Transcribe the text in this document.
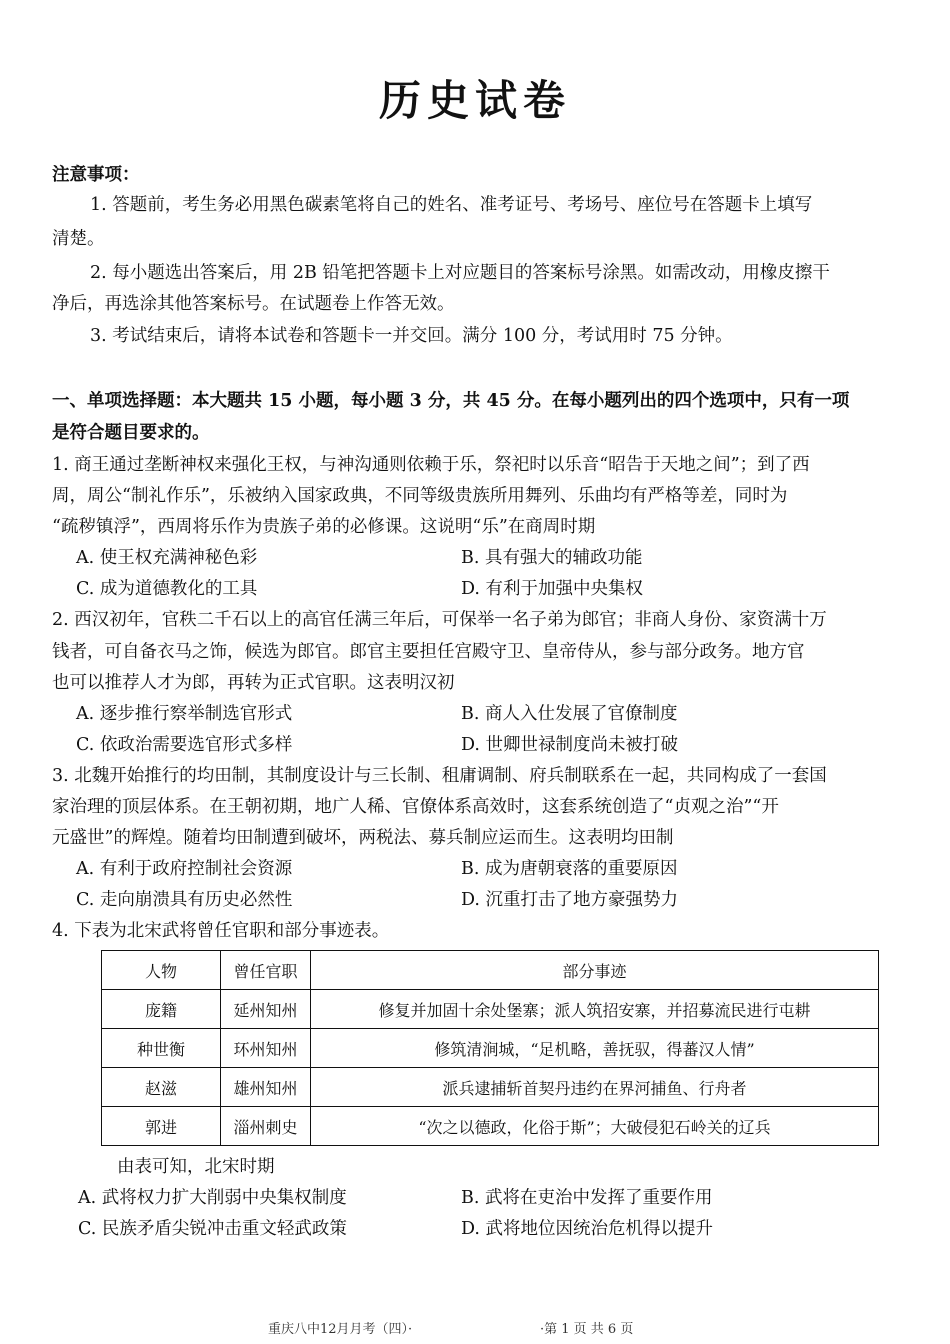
历史试卷
注意事项：
1. 答题前，考生务必用黑色碳素笔将自己的姓名、准考证号、考场号、座位号在答题卡上填写
清楚。
2. 每小题选出答案后，用 2B 铅笔把答题卡上对应题目的答案标号涂黑。如需改动，用橡皮擦干
净后，再选涂其他答案标号。在试题卷上作答无效。
3. 考试结束后，请将本试卷和答题卡一并交回。满分 100 分，考试用时 75 分钟。
一、单项选择题：本大题共 15 小题，每小题 3 分，共 45 分。在每小题列出的四个选项中，只有一项
是符合题目要求的。
1. 商王通过垄断神权来强化王权，与神沟通则依赖于乐，祭祀时以乐音“昭告于天地之间”；到了西
周，周公“制礼作乐”，乐被纳入国家政典，不同等级贵族所用舞列、乐曲均有严格等差，同时为
“疏秽镇浮”，西周将乐作为贵族子弟的必修课。这说明“乐”在商周时期
A. 使王权充满神秘色彩	B. 具有强大的辅政功能
C. 成为道德教化的工具	D. 有利于加强中央集权
2. 西汉初年，官秩二千石以上的高官任满三年后，可保举一名子弟为郎官；非商人身份、家资满十万
钱者，可自备衣马之饰，候选为郎官。郎官主要担任宫殿守卫、皇帝侍从，参与部分政务。地方官
也可以推荐人才为郎，再转为正式官职。这表明汉初
A. 逐步推行察举制选官形式	B. 商人入仕发展了官僚制度
C. 依政治需要选官形式多样	D. 世卿世禄制度尚未被打破
3. 北魏开始推行的均田制，其制度设计与三长制、租庸调制、府兵制联系在一起，共同构成了一套国
家治理的顶层体系。在王朝初期，地广人稀、官僚体系高效时，这套系统创造了“贞观之治”“开
元盛世”的辉煌。随着均田制遭到破坏，两税法、募兵制应运而生。这表明均田制
A. 有利于政府控制社会资源	B. 成为唐朝衰落的重要原因
C. 走向崩溃具有历史必然性	D. 沉重打击了地方豪强势力
4. 下表为北宋武将曾任官职和部分事迹表。
人物	曾任官职	部分事迹
庞籍	延州知州	修复并加固十余处堡寨；派人筑招安寨，并招募流民进行屯耕
种世衡	环州知州	修筑清涧城，“足机略，善抚驭，得蕃汉人情”
赵滋	雄州知州	派兵逮捕斩首契丹违约在界河捕鱼、行舟者
郭进	淄州刺史	“次之以德政，化俗于斯”；大破侵犯石岭关的辽兵
由表可知，北宋时期
A. 武将权力扩大削弱中央集权制度	B. 武将在吏治中发挥了重要作用
C. 民族矛盾尖锐冲击重文轻武政策	D. 武将地位因统治危机得以提升
重庆八中12月月考（四）·	·第 1 页 共 6 页
